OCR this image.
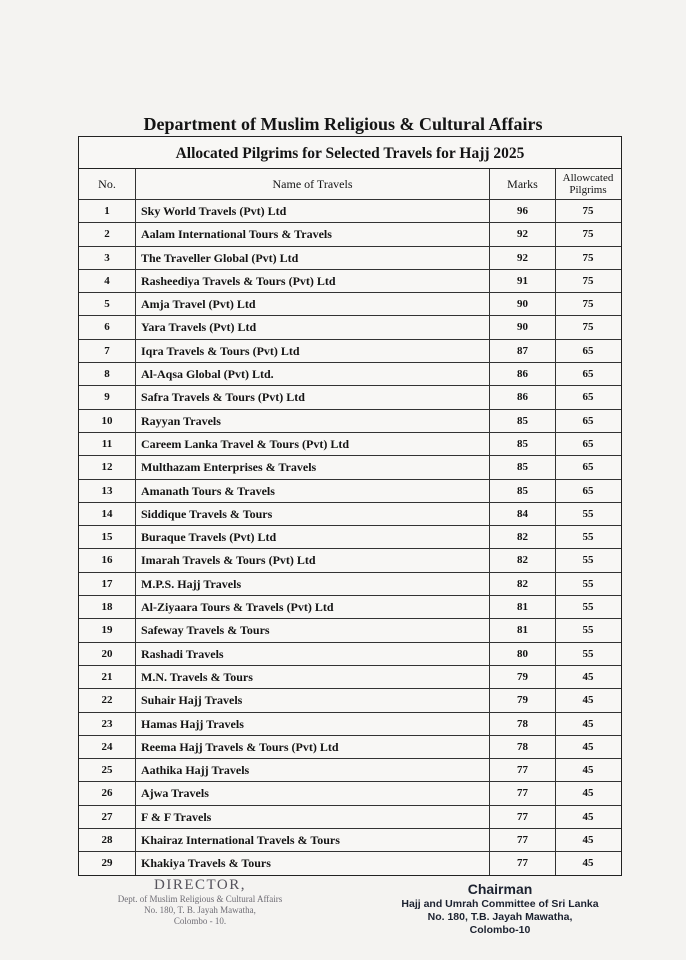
Department of Muslim Religious & Cultural Affairs
Allocated Pilgrims for Selected Travels for Hajj 2025
No.	Name of Travels	Marks	Allowcated
Pilgrims
1	Sky World Travels (Pvt) Ltd	96	75
2	Aalam International Tours & Travels	92	75
3	The Traveller Global (Pvt) Ltd	92	75
4	Rasheediya Travels & Tours (Pvt) Ltd	91	75
5	Amja Travel (Pvt) Ltd	90	75
6	Yara Travels (Pvt) Ltd	90	75
7	Iqra Travels & Tours (Pvt) Ltd	87	65
8	Al-Aqsa Global (Pvt) Ltd.	86	65
9	Safra Travels & Tours (Pvt) Ltd	86	65
10	Rayyan Travels	85	65
11	Careem Lanka Travel & Tours (Pvt) Ltd	85	65
12	Multhazam Enterprises & Travels	85	65
13	Amanath Tours & Travels	85	65
14	Siddique Travels & Tours	84	55
15	Buraque Travels (Pvt) Ltd	82	55
16	Imarah Travels & Tours (Pvt) Ltd	82	55
17	M.P.S. Hajj Travels	82	55
18	Al-Ziyaara Tours & Travels (Pvt) Ltd	81	55
19	Safeway Travels & Tours	81	55
20	Rashadi Travels	80	55
21	M.N. Travels & Tours	79	45
22	Suhair Hajj Travels	79	45
23	Hamas Hajj Travels	78	45
24	Reema Hajj Travels & Tours (Pvt) Ltd	78	45
25	Aathika Hajj Travels	77	45
26	Ajwa Travels	77	45
27	F & F Travels	77	45
28	Khairaz International Travels & Tours	77	45
29	Khakiya Travels & Tours	77	45
DIRECTOR,
Dept. of Muslim Religious & Cultural Affairs
No. 180, T. B. Jayah Mawatha,
Colombo - 10.
Chairman
Hajj and Umrah Committee of Sri Lanka
No. 180, T.B. Jayah Mawatha,
Colombo-10
